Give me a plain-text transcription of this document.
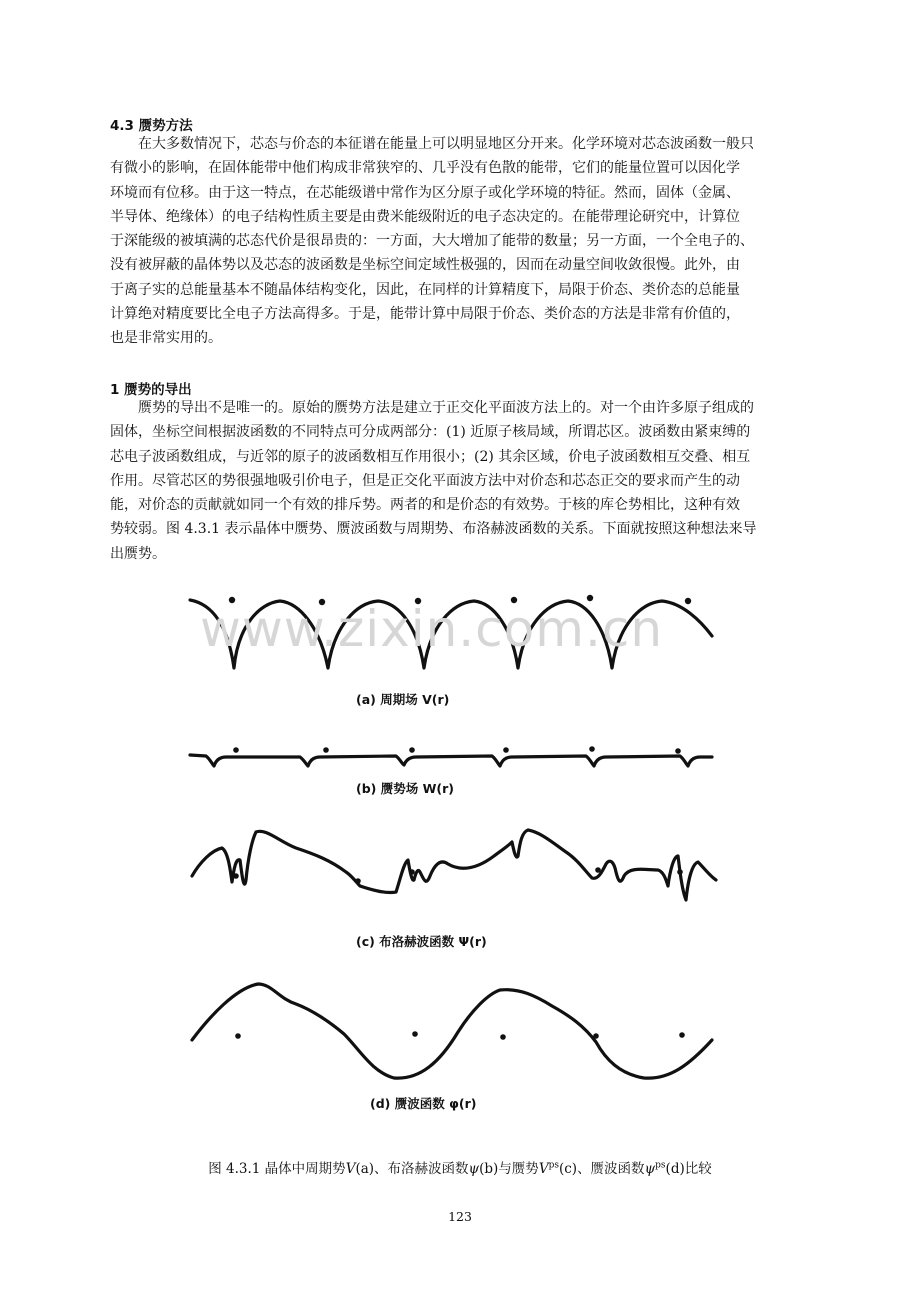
4.3 赝势方法

在大多数情况下，芯态与价态的本征谱在能量上可以明显地区分开来。化学环境对芯态波函数一般只
有微小的影响，在固体能带中他们构成非常狭窄的、几乎没有色散的能带，它们的能量位置可以因化学
环境而有位移。由于这一特点，在芯能级谱中常作为区分原子或化学环境的特征。然而，固体（金属、
半导体、绝缘体）的电子结构性质主要是由费米能级附近的电子态决定的。在能带理论研究中，计算位
于深能级的被填满的芯态代价是很昂贵的：一方面，大大增加了能带的数量；另一方面，一个全电子的、
没有被屏蔽的晶体势以及芯态的波函数是坐标空间定域性极强的，因而在动量空间收敛很慢。此外，由
于离子实的总能量基本不随晶体结构变化，因此，在同样的计算精度下，局限于价态、类价态的总能量
计算绝对精度要比全电子方法高得多。于是，能带计算中局限于价态、类价态的方法是非常有价值的，
也是非常实用的。

1 赝势的导出

赝势的导出不是唯一的。原始的赝势方法是建立于正交化平面波方法上的。对一个由许多原子组成的
固体，坐标空间根据波函数的不同特点可分成两部分：(1) 近原子核局域，所谓芯区。波函数由紧束缚的
芯电子波函数组成，与近邻的原子的波函数相互作用很小；(2) 其余区域，价电子波函数相互交叠、相互
作用。尽管芯区的势很强地吸引价电子，但是正交化平面波方法中对价态和芯态正交的要求而产生的动
能，对价态的贡献就如同一个有效的排斥势。两者的和是价态的有效势。于核的库仑势相比，这种有效
势较弱。图 4.3.1 表示晶体中赝势、赝波函数与周期势、布洛赫波函数的关系。下面就按照这种想法来导
出赝势。

www.zixin.com.cn
(a) 周期场 V(r)
(b) 赝势场 W(r)
(c) 布洛赫波函数 Ψ(r)
(d) 赝波函数 φ(r)
图 4.3.1 晶体中周期势V(a)、布洛赫波函数ψ(b)与赝势$V^{ps}(c)$、赝波函数$\psi^{ps}(d)$比较
123
